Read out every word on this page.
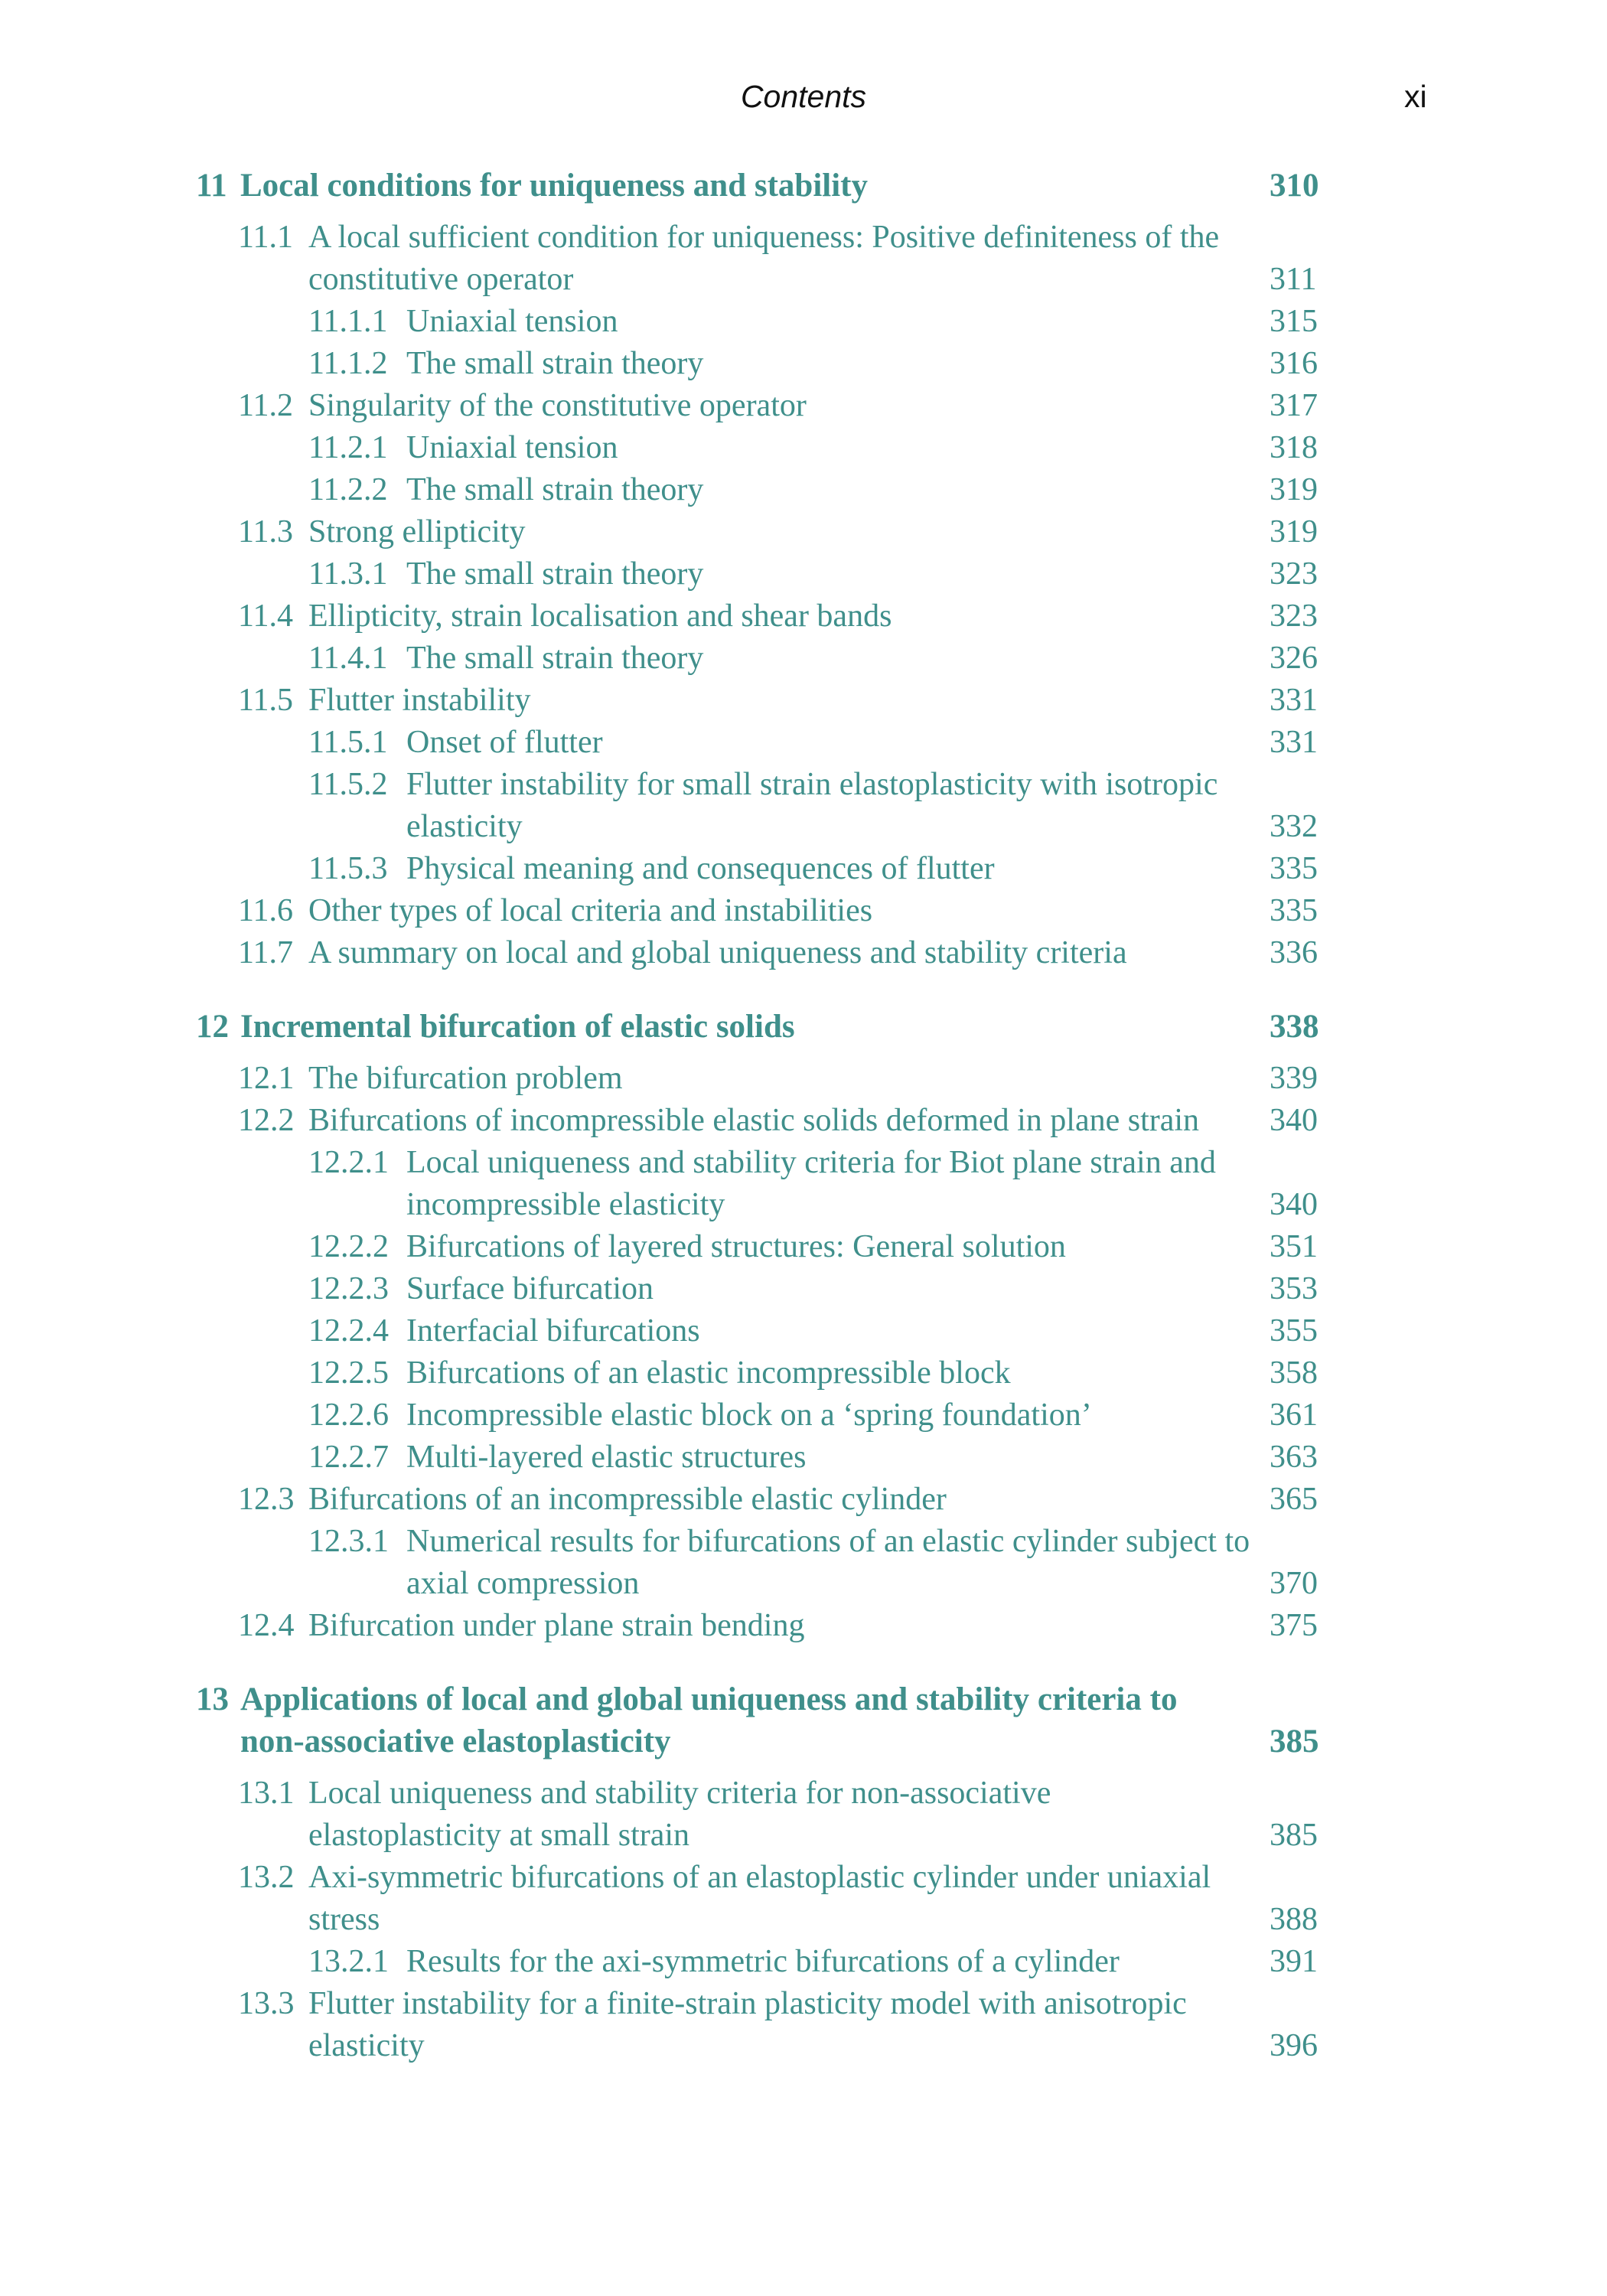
Contents	xi
11 Local conditions for uniqueness and stability	310
11.1 A local sufficient condition for uniqueness: Positive definiteness of the constitutive operator	311
11.1.1 Uniaxial tension	315
11.1.2 The small strain theory	316
11.2 Singularity of the constitutive operator	317
11.2.1 Uniaxial tension	318
11.2.2 The small strain theory	319
11.3 Strong ellipticity	319
11.3.1 The small strain theory	323
11.4 Ellipticity, strain localisation and shear bands	323
11.4.1 The small strain theory	326
11.5 Flutter instability	331
11.5.1 Onset of flutter	331
11.5.2 Flutter instability for small strain elastoplasticity with isotropic elasticity	332
11.5.3 Physical meaning and consequences of flutter	335
11.6 Other types of local criteria and instabilities	335
11.7 A summary on local and global uniqueness and stability criteria	336
12 Incremental bifurcation of elastic solids	338
12.1 The bifurcation problem	339
12.2 Bifurcations of incompressible elastic solids deformed in plane strain	340
12.2.1 Local uniqueness and stability criteria for Biot plane strain and incompressible elasticity	340
12.2.2 Bifurcations of layered structures: General solution	351
12.2.3 Surface bifurcation	353
12.2.4 Interfacial bifurcations	355
12.2.5 Bifurcations of an elastic incompressible block	358
12.2.6 Incompressible elastic block on a ‘spring foundation’	361
12.2.7 Multi-layered elastic structures	363
12.3 Bifurcations of an incompressible elastic cylinder	365
12.3.1 Numerical results for bifurcations of an elastic cylinder subject to axial compression	370
12.4 Bifurcation under plane strain bending	375
13 Applications of local and global uniqueness and stability criteria to non-associative elastoplasticity	385
13.1 Local uniqueness and stability criteria for non-associative elastoplasticity at small strain	385
13.2 Axi-symmetric bifurcations of an elastoplastic cylinder under uniaxial stress	388
13.2.1 Results for the axi-symmetric bifurcations of a cylinder	391
13.3 Flutter instability for a finite-strain plasticity model with anisotropic elasticity	396
